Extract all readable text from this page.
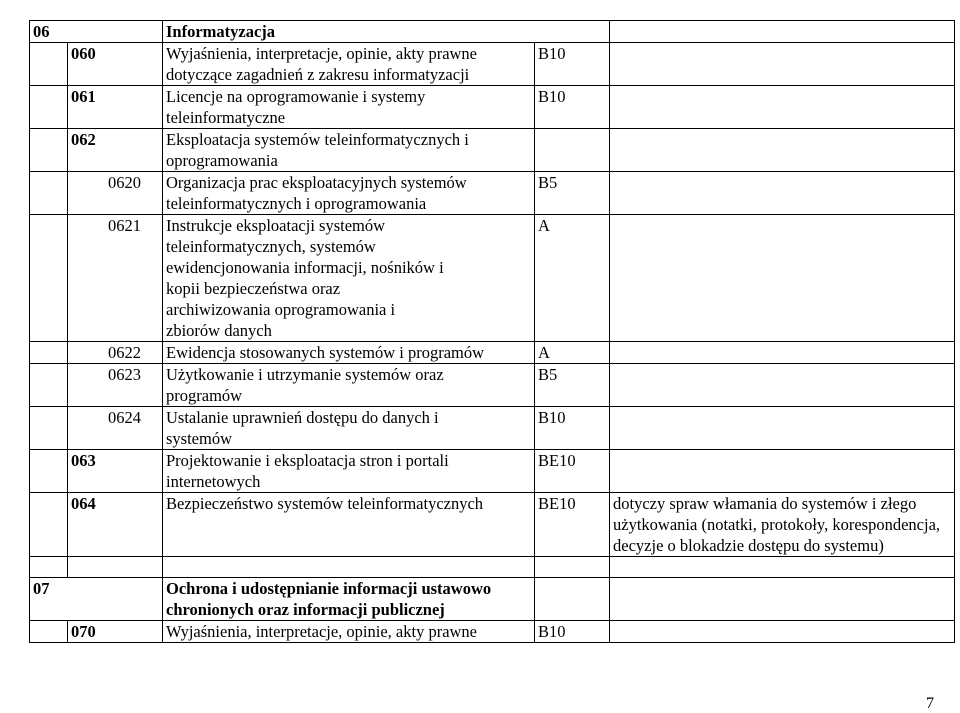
06		Informatyzacja		
	060	Wyjaśnienia, interpretacje, opinie, akty prawne dotyczące zagadnień z zakresu informatyzacji	B10	
	061	Licencje na oprogramowanie i systemy teleinformatyczne	B10	
	062	Eksploatacja systemów teleinformatycznych i oprogramowania		
	0620	Organizacja prac eksploatacyjnych systemów teleinformatycznych i oprogramowania	B5	
	0621	Instrukcje eksploatacji systemów teleinformatycznych, systemów ewidencjonowania informacji, nośników i kopii bezpieczeństwa oraz archiwizowania oprogramowania i zbiorów danych	A	
	0622	Ewidencja stosowanych systemów i programów	A	
	0623	Użytkowanie i utrzymanie systemów oraz programów	B5	
	0624	Ustalanie uprawnień dostępu do danych i systemów	B10	
	063	Projektowanie i eksploatacja stron i portali internetowych	BE10	
	064	Bezpieczeństwo systemów teleinformatycznych	BE10	dotyczy spraw włamania do systemów i złego użytkowania (notatki, protokoły, korespondencja, decyzje o blokadzie dostępu do systemu)

07		Ochrona i udostępnianie informacji ustawowo chronionych oraz informacji publicznej		
	070	Wyjaśnienia, interpretacje, opinie, akty prawne	B10	
7
